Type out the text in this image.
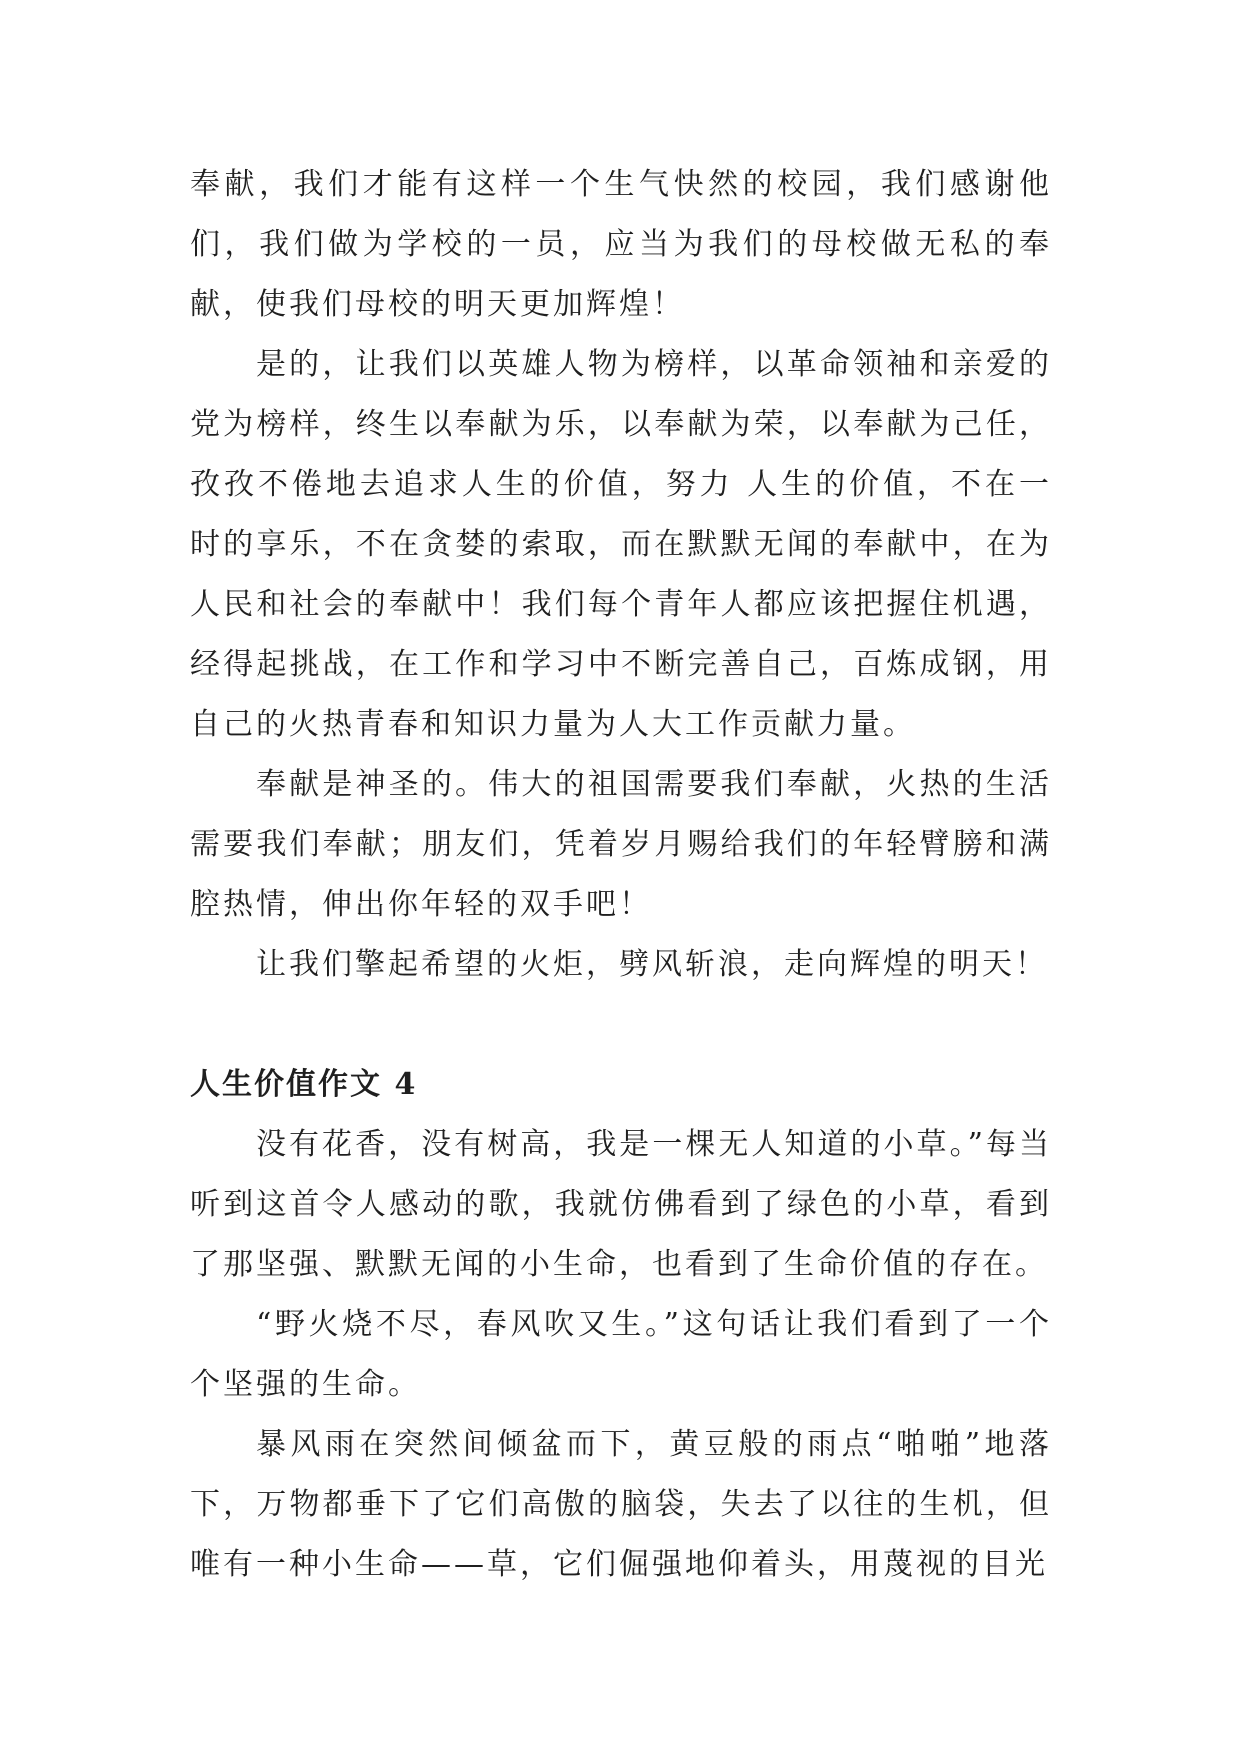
奉献，我们才能有这样一个生气快然的校园，我们感谢他们，我们做为学校的一员，应当为我们的母校做无私的奉献，使我们母校的明天更加辉煌！

是的，让我们以英雄人物为榜样，以革命领袖和亲爱的党为榜样，终生以奉献为乐，以奉献为荣，以奉献为己任，孜孜不倦地去追求人生的价值，努力 人生的价值，不在一时的享乐，不在贪婪的索取，而在默默无闻的奉献中，在为人民和社会的奉献中！我们每个青年人都应该把握住机遇，经得起挑战，在工作和学习中不断完善自己，百炼成钢，用自己的火热青春和知识力量为人大工作贡献力量。

奉献是神圣的。伟大的祖国需要我们奉献，火热的生活需要我们奉献；朋友们，凭着岁月赐给我们的年轻臂膀和满腔热情，伸出你年轻的双手吧！

让我们擎起希望的火炬，劈风斩浪，走向辉煌的明天！

人生价值作文 4

没有花香，没有树高，我是一棵无人知道的小草。”每当听到这首令人感动的歌，我就仿佛看到了绿色的小草，看到了那坚强、默默无闻的小生命，也看到了生命价值的存在。

“野火烧不尽，春风吹又生。”这句话让我们看到了一个个坚强的生命。

暴风雨在突然间倾盆而下，黄豆般的雨点“啪啪”地落下，万物都垂下了它们高傲的脑袋，失去了以往的生机，但唯有一种小生命——草，它们倔强地仰着头，用蔑视的目光
